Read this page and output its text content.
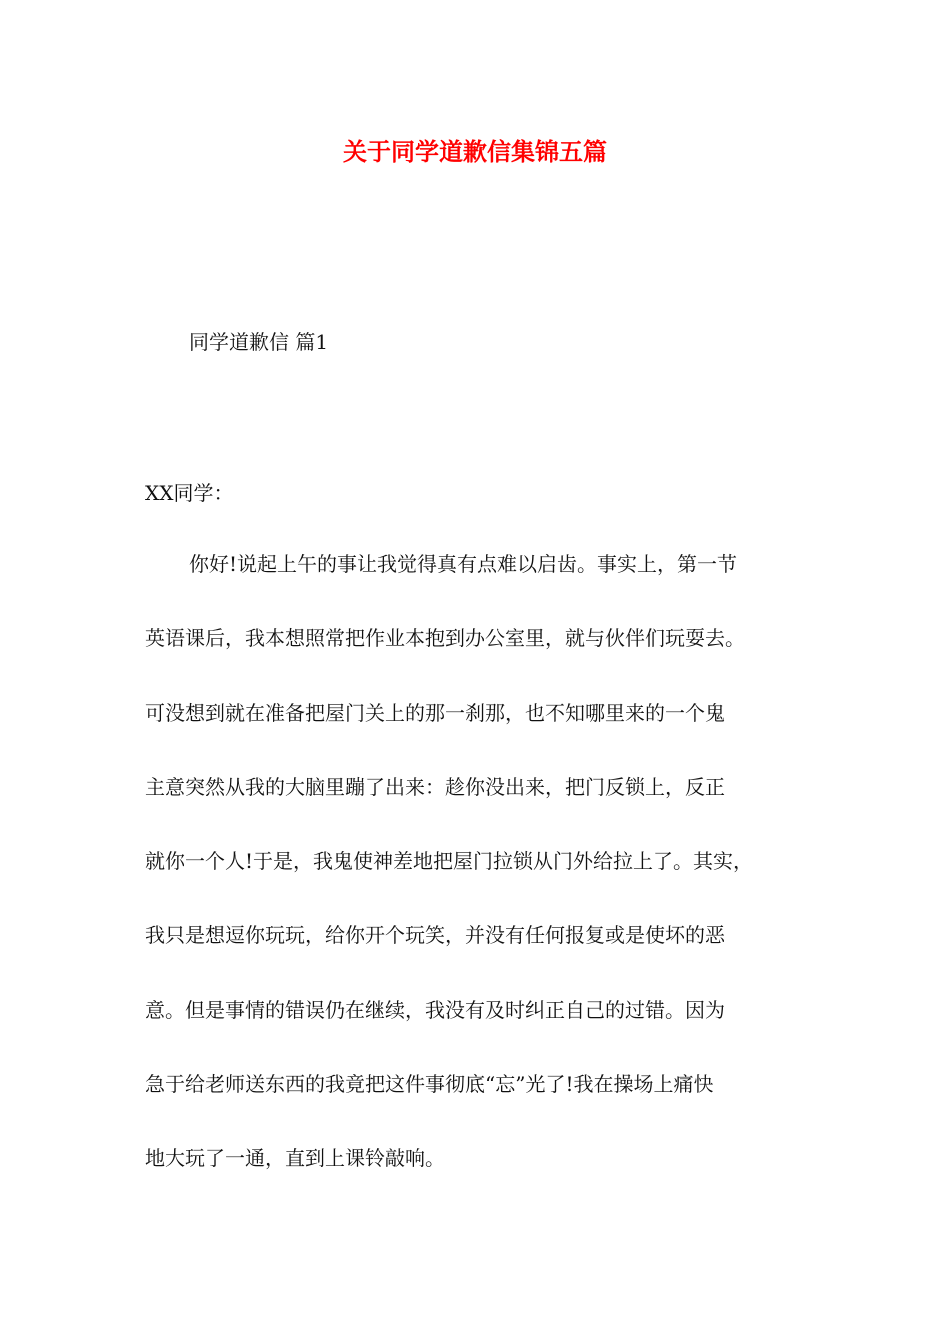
关于同学道歉信集锦五篇

同学道歉信 篇1

XX同学：

你好!说起上午的事让我觉得真有点难以启齿。事实上，第一节
英语课后，我本想照常把作业本抱到办公室里，就与伙伴们玩耍去。
可没想到就在准备把屋门关上的那一刹那，也不知哪里来的一个鬼
主意突然从我的大脑里蹦了出来：趁你没出来，把门反锁上，反正
就你一个人!于是，我鬼使神差地把屋门拉锁从门外给拉上了。其实，
我只是想逗你玩玩，给你开个玩笑，并没有任何报复或是使坏的恶
意。但是事情的错误仍在继续，我没有及时纠正自己的过错。因为
急于给老师送东西的我竟把这件事彻底“忘”光了!我在操场上痛快
地大玩了一通，直到上课铃敲响。
